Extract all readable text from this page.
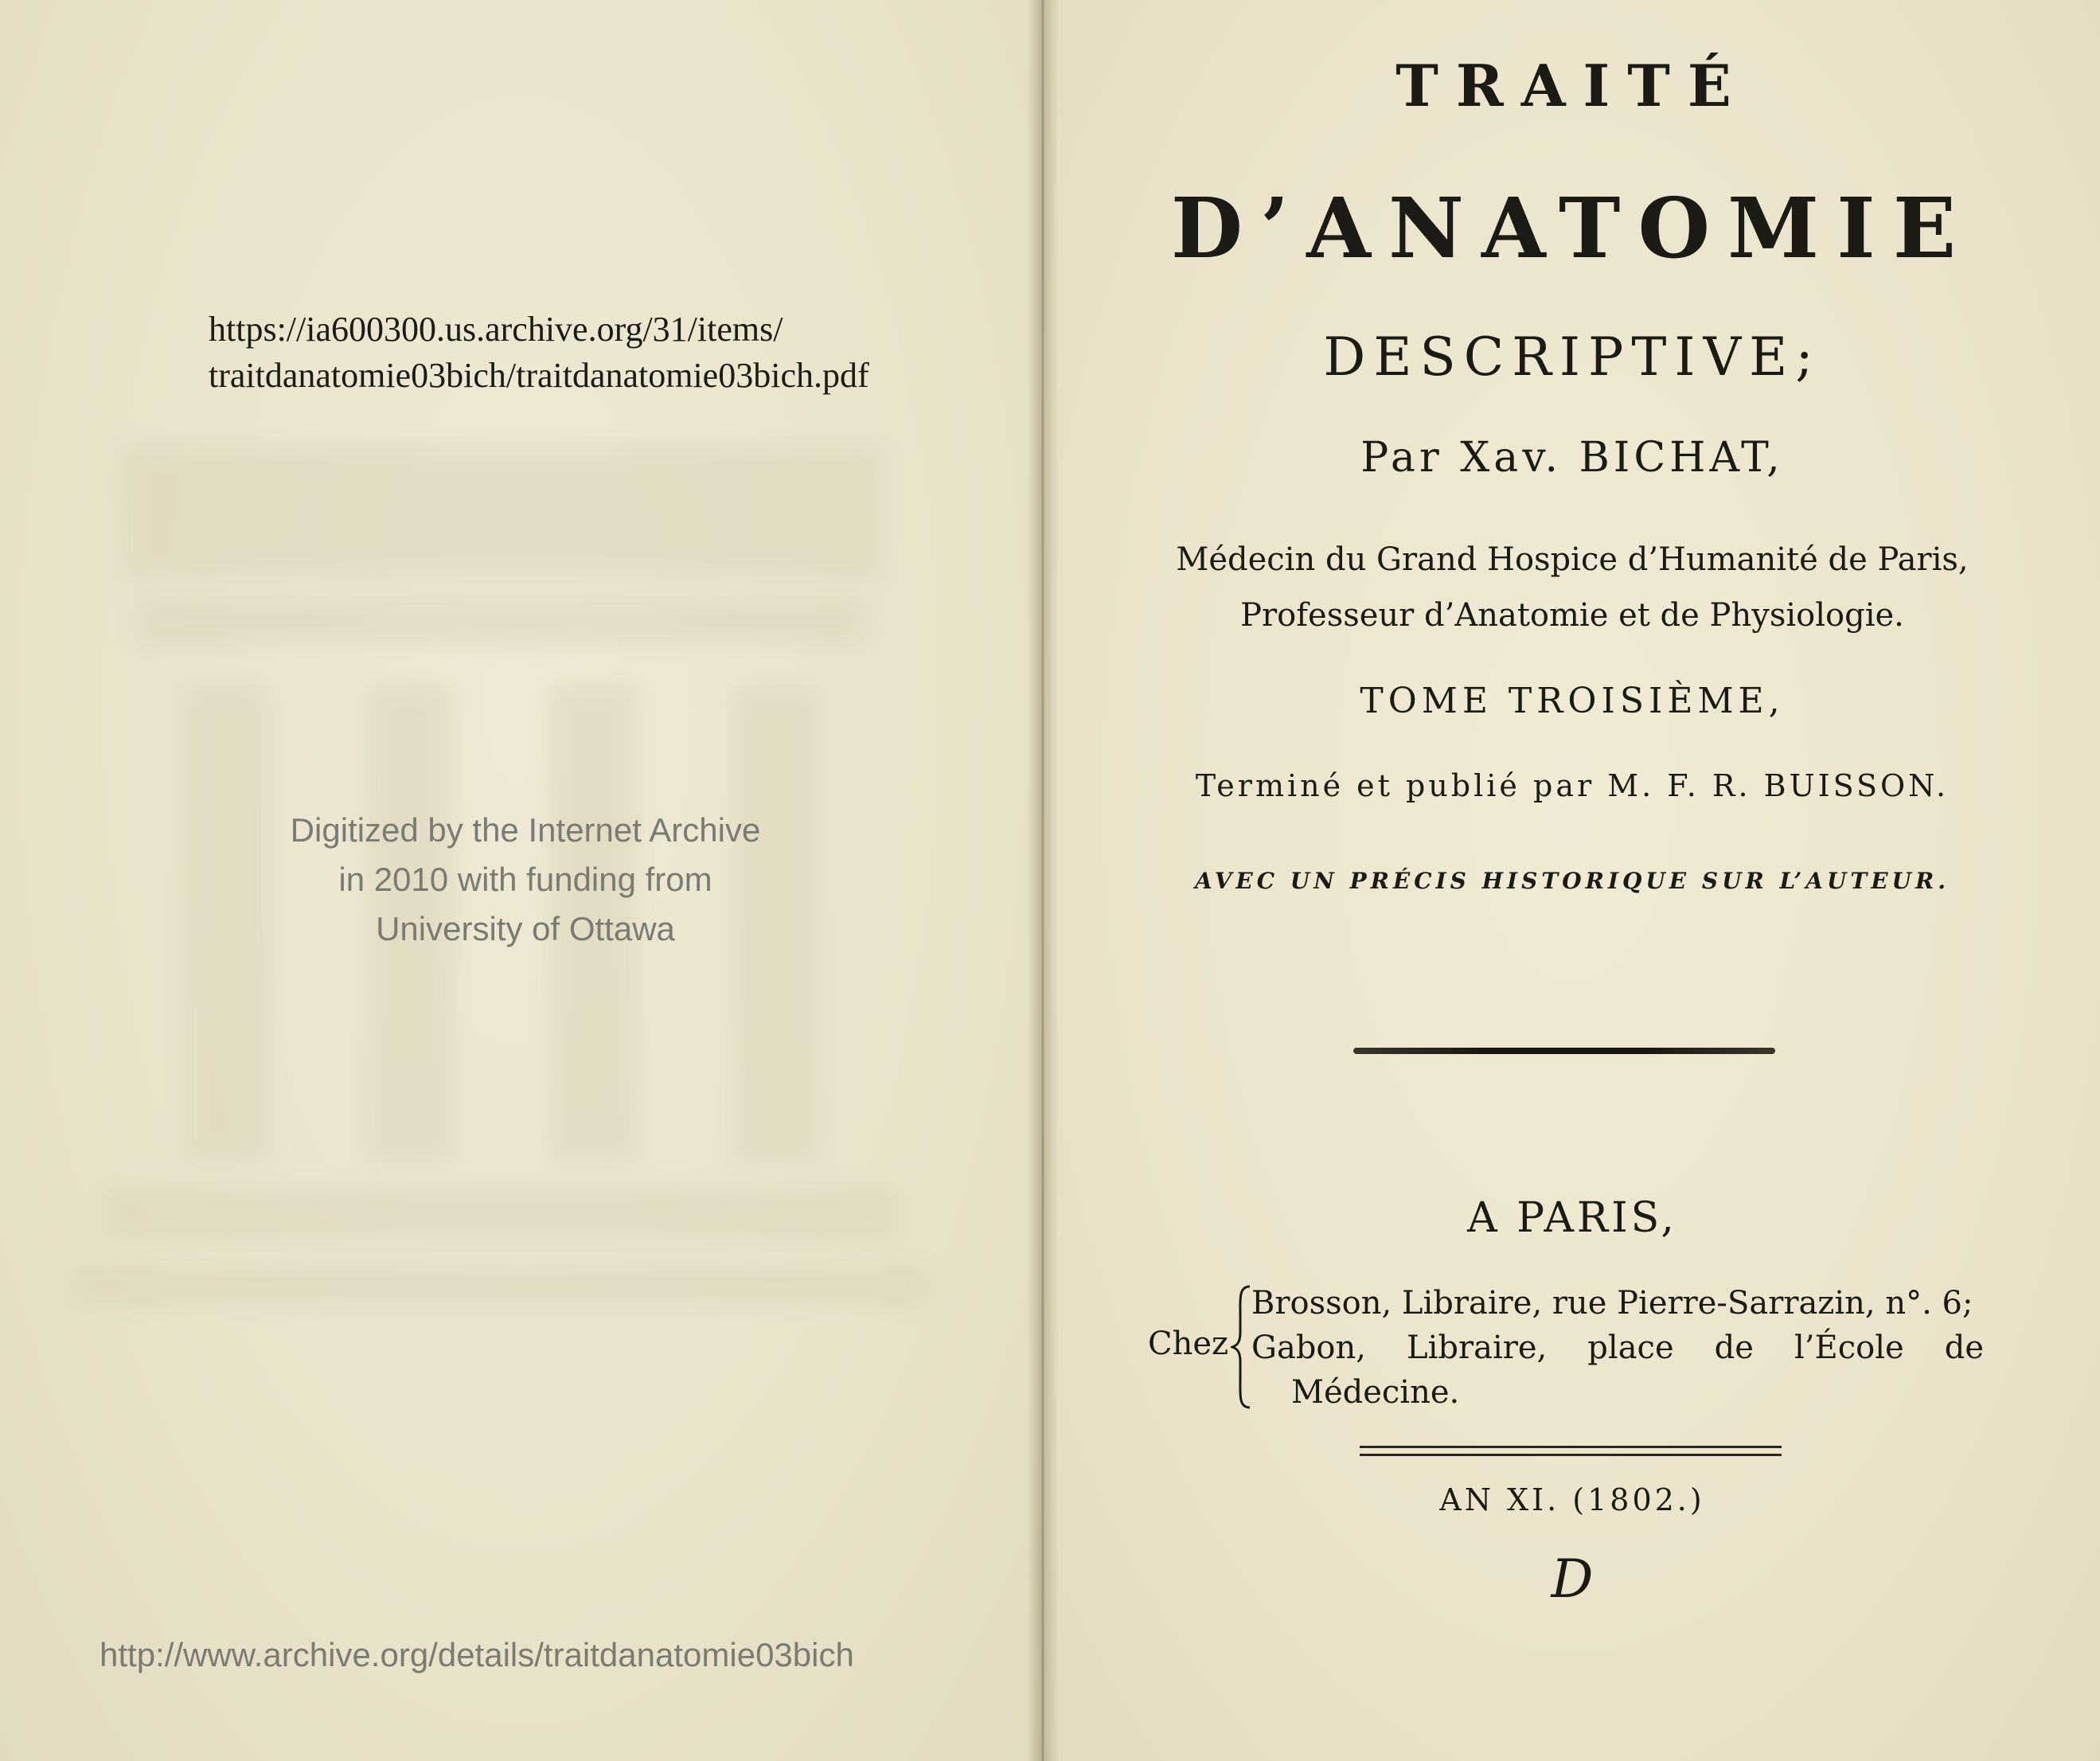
https://ia600300.us.archive.org/31/items/
traitdanatomie03bich/traitdanatomie03bich.pdf
Digitized by the Internet Archive
in 2010 with funding from
University of Ottawa
http://www.archive.org/details/traitdanatomie03bich
TRAITÉ
D’ANATOMIE
DESCRIPTIVE;
Par Xav. BICHAT,
Médecin du Grand Hospice d’Humanité de Paris,
Professeur d’Anatomie et de Physiologie.
TOME TROISIÈME,
Terminé et publié par M. F. R. BUISSON.
AVEC UN PRÉCIS HISTORIQUE SUR L’AUTEUR.
A PARIS,
Chez
Brosson, Libraire, rue Pierre-Sarrazin, n°. 6;
Gabon, Libraire, place de l’École de
Médecine.
AN XI. (1802.)
D
